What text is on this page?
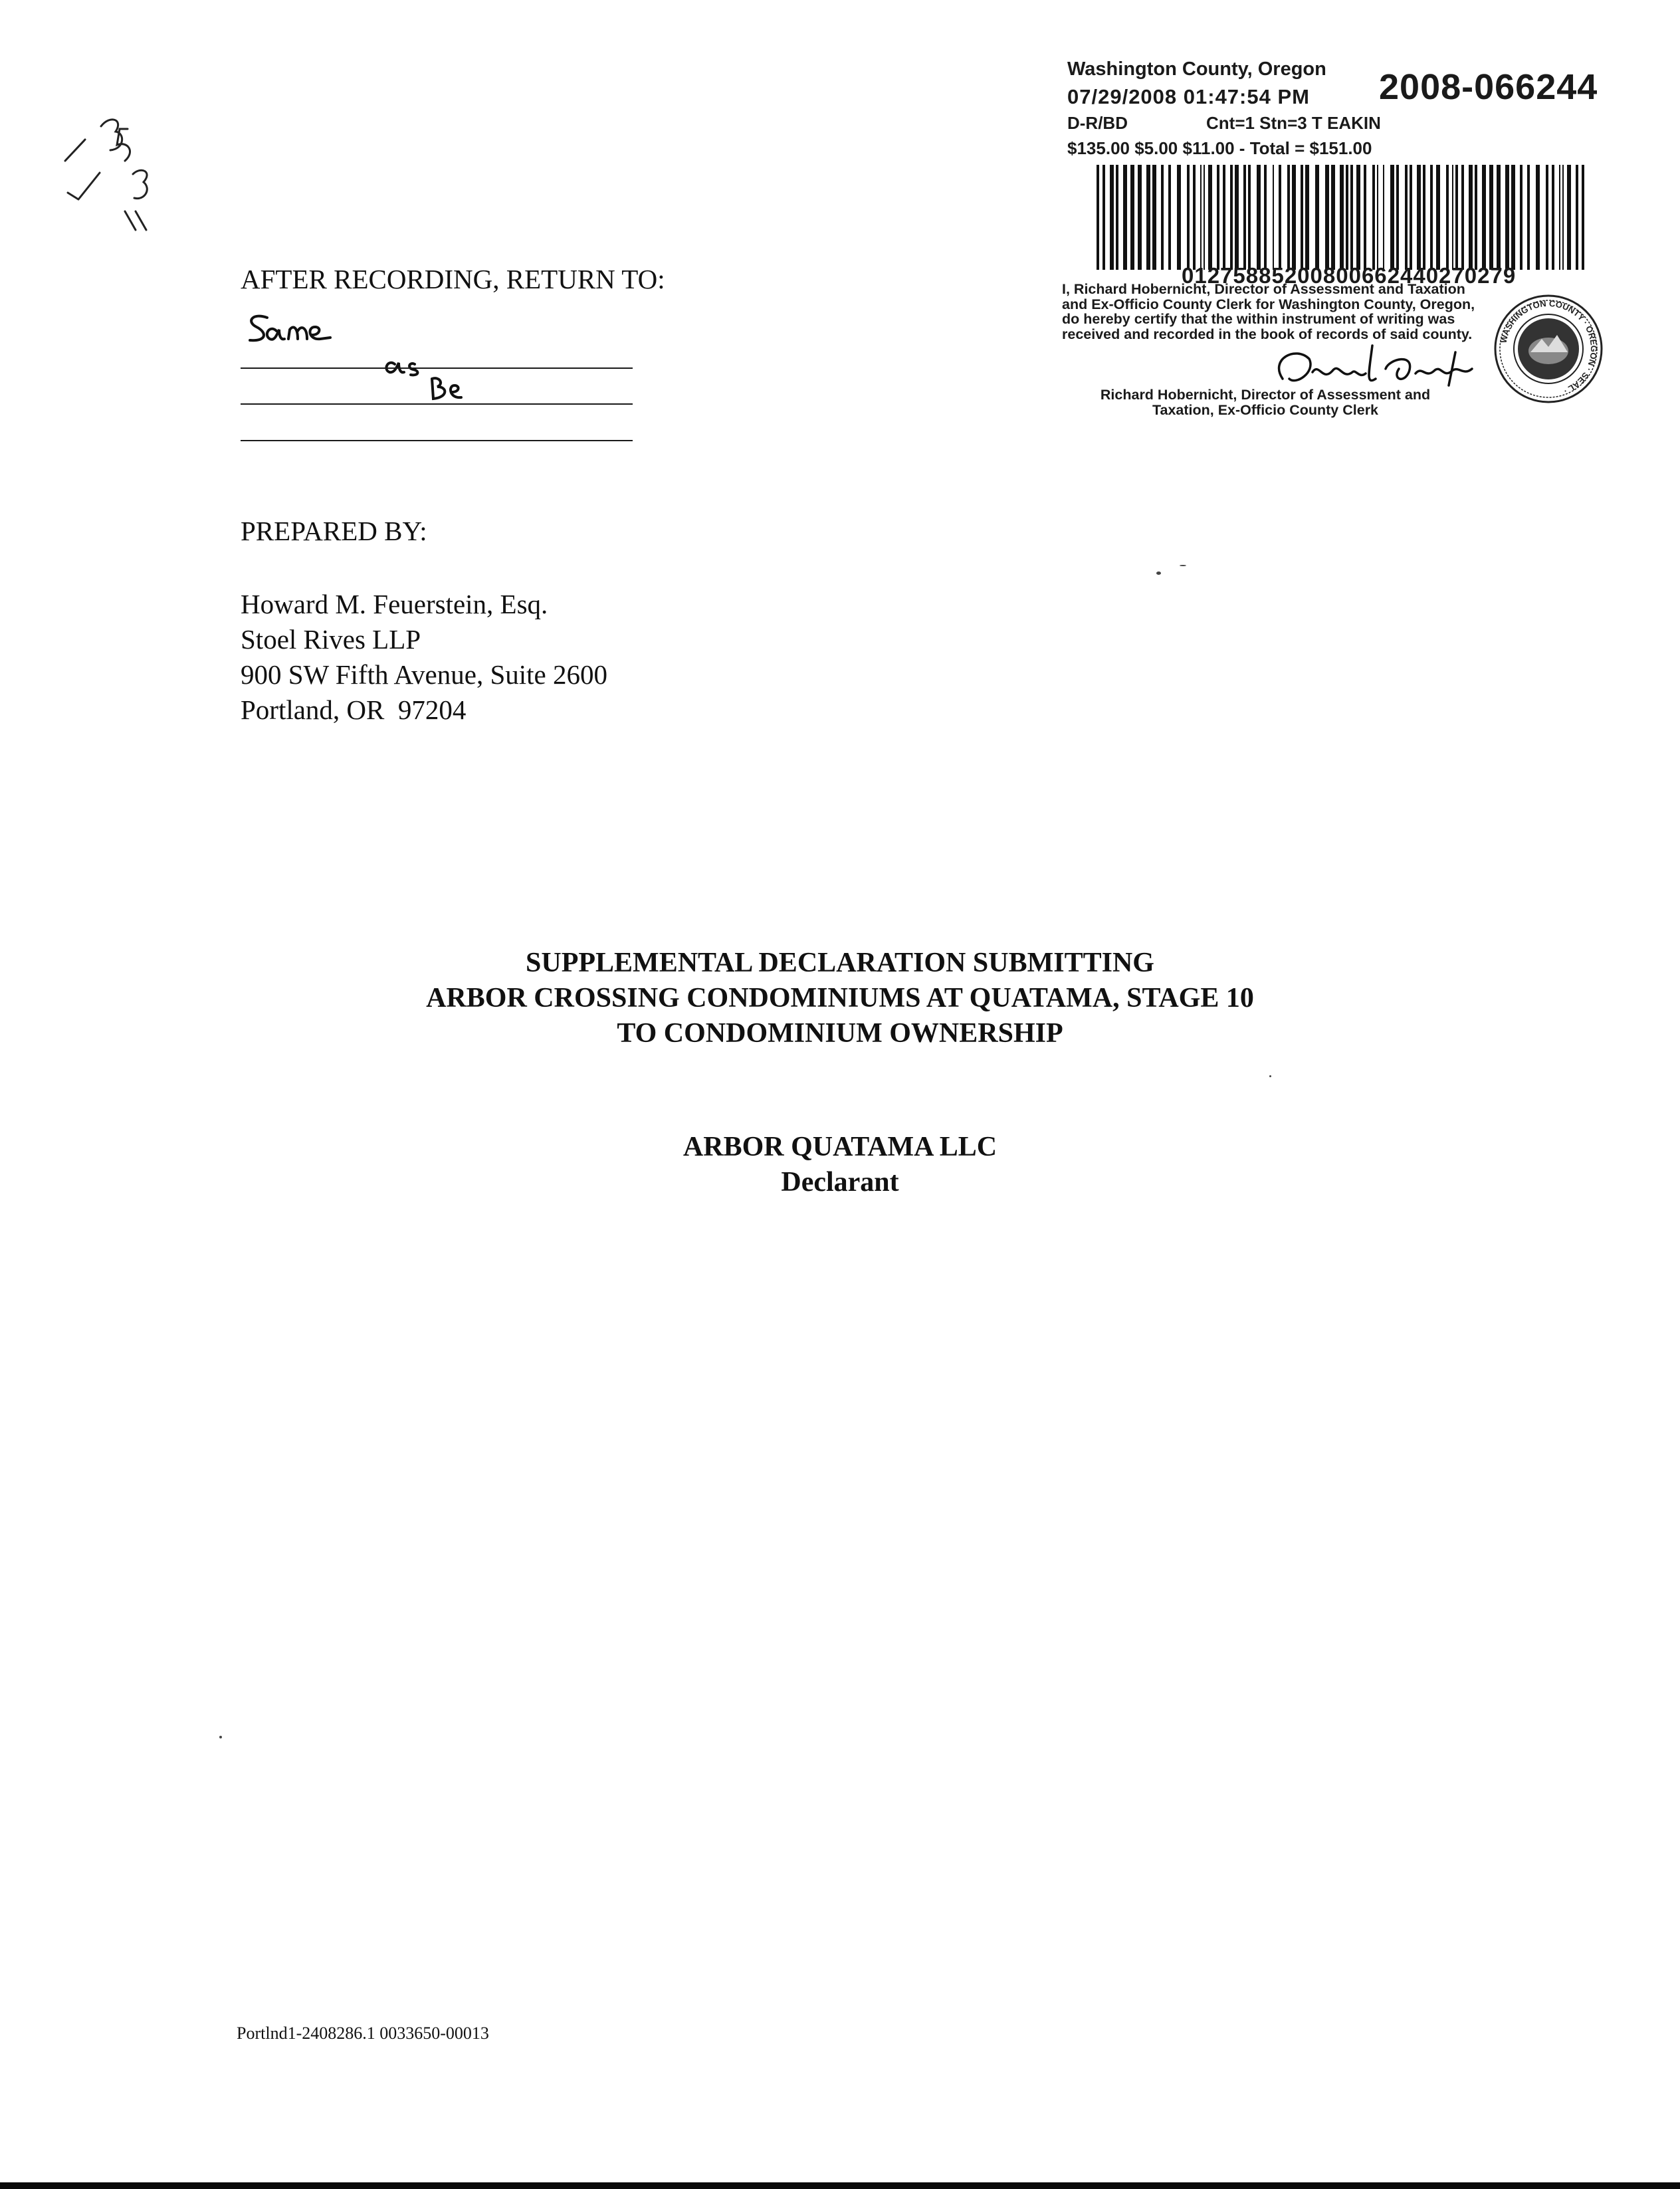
Washington County, Oregon
07/29/2008 01:47:54 PM 2008-066244
D-R/BD	Cnt=1 Stn=3 T EAKIN
$135.00 $5.00 $11.00 - Total = $151.00
01275885200800662440270279
I, Richard Hobernicht, Director of Assessment and Taxation and Ex-Officio County Clerk for Washington County, Oregon, do hereby certify that the within instrument of writing was received and recorded in the book of records of said county.
Richard Hobernicht, Director of Assessment and
Taxation, Ex-Officio County Clerk
WASHINGTON COUNTY · OREGON · SEAL ·
AFTER RECORDING, RETURN TO:
PREPARED BY:
Howard M. Feuerstein, Esq.
Stoel Rives LLP
900 SW Fifth Avenue, Suite 2600
Portland, OR  97204
SUPPLEMENTAL DECLARATION SUBMITTING
ARBOR CROSSING CONDOMINIUMS AT QUATAMA, STAGE 10
TO CONDOMINIUM OWNERSHIP
ARBOR QUATAMA LLC
Declarant
Portlnd1-2408286.1 0033650-00013
